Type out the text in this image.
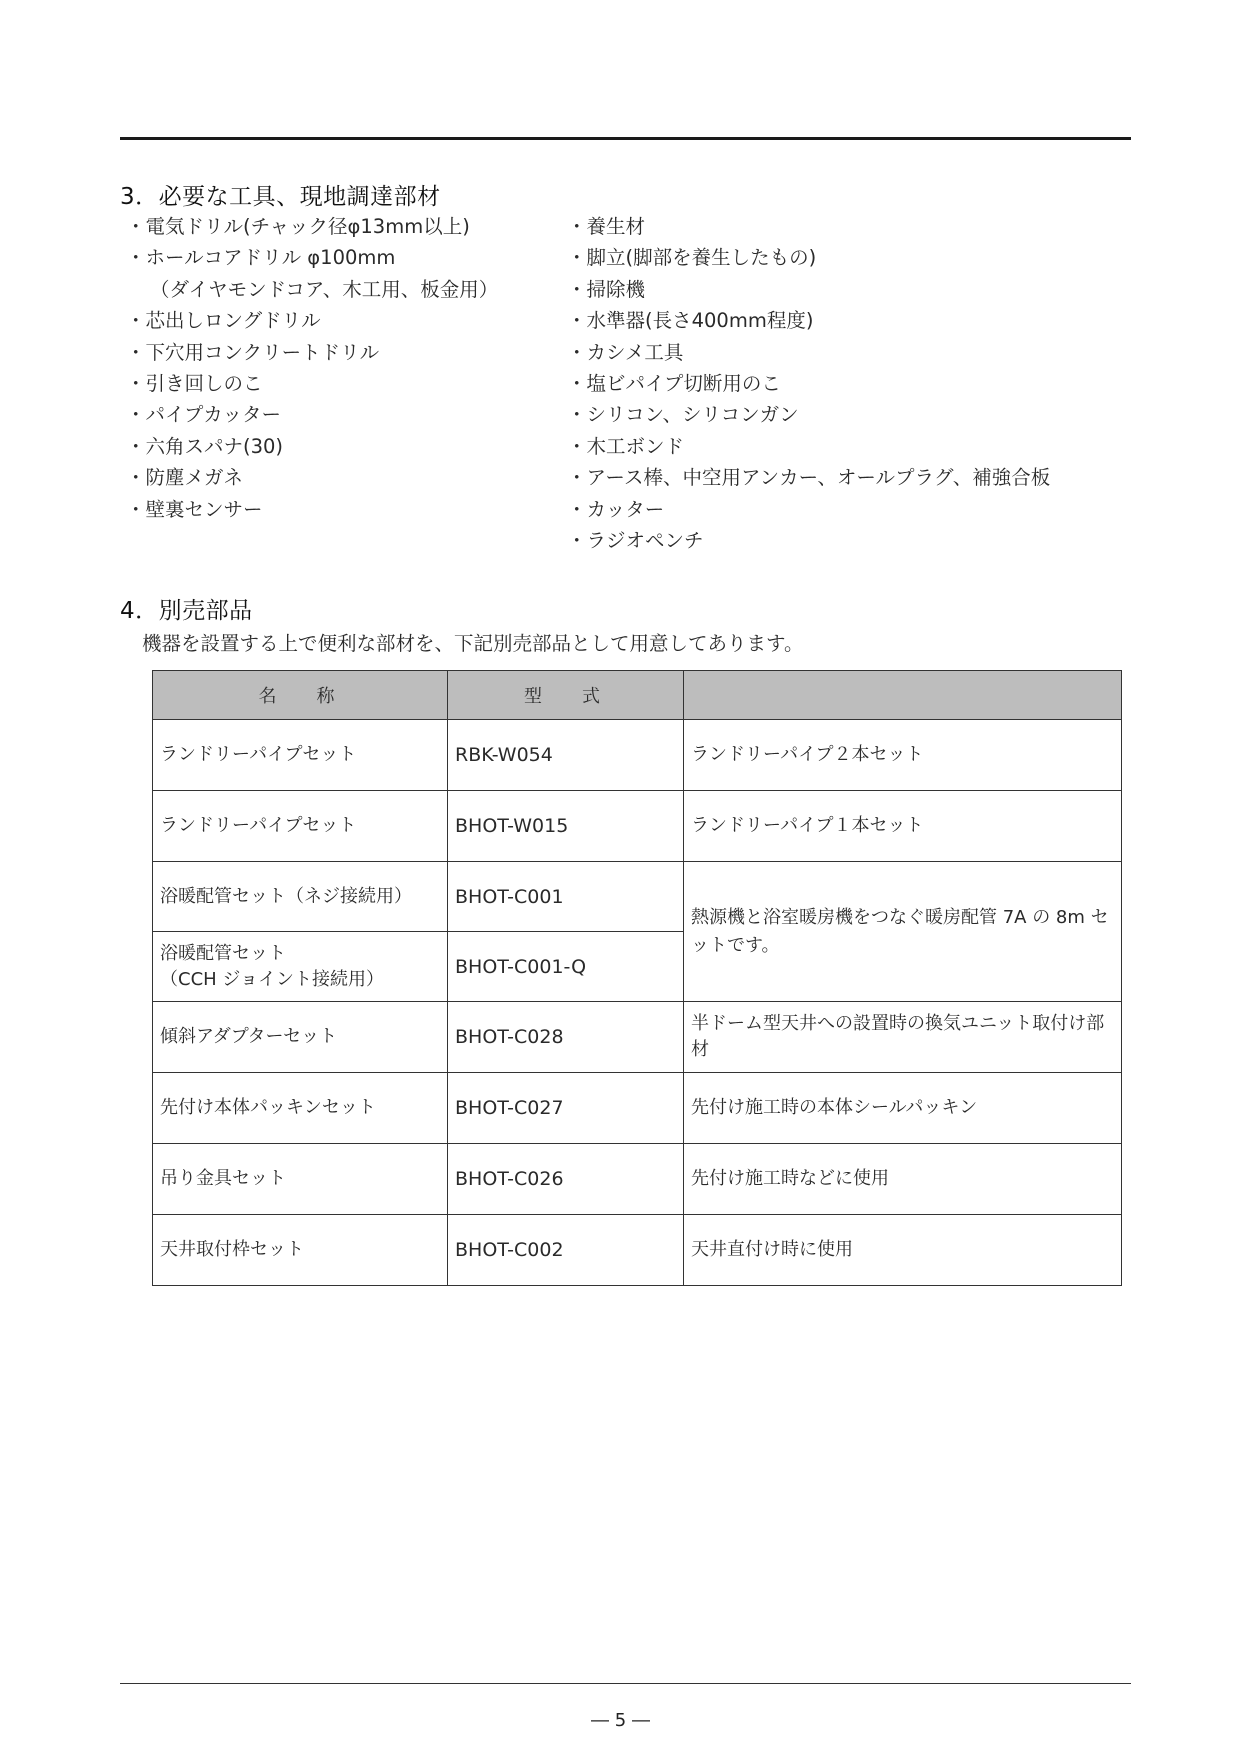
3．必要な工具、現地調達部材
・電気ドリル(チャック径φ13mm以上)
・ホールコアドリル φ100mm
（ダイヤモンドコア、木工用、板金用）
・芯出しロングドリル
・下穴用コンクリートドリル
・引き回しのこ
・パイプカッター
・六角スパナ(30)
・防塵メガネ
・壁裏センサー
・養生材
・脚立(脚部を養生したもの)
・掃除機
・水準器(長さ400mm程度)
・カシメ工具
・塩ビパイプ切断用のこ
・シリコン、シリコンガン
・木工ボンド
・アース棒、中空用アンカー、オールプラグ、補強合板
・カッター
・ラジオペンチ
4．別売部品

機器を設置する上で便利な部材を、下記別売部品として用意してあります。

名称	型式	
ランドリーパイプセット	RBK-W054	ランドリーパイプ２本セット
ランドリーパイプセット	BHOT-W015	ランドリーパイプ１本セット
浴暖配管セット（ネジ接続用）	BHOT-C001	熱源機と浴室暖房機をつなぐ暖房配管 7A の 8m セットです。
浴暖配管セット
（CCH ジョイント接続用）	BHOT-C001-Q	
傾斜アダプターセット	BHOT-C028	半ドーム型天井への設置時の換気ユニット取付け部材
先付け本体パッキンセット	BHOT-C027	先付け施工時の本体シールパッキン
吊り金具セット	BHOT-C026	先付け施工時などに使用
天井取付枠セット	BHOT-C002	天井直付け時に使用
― 5 ―
